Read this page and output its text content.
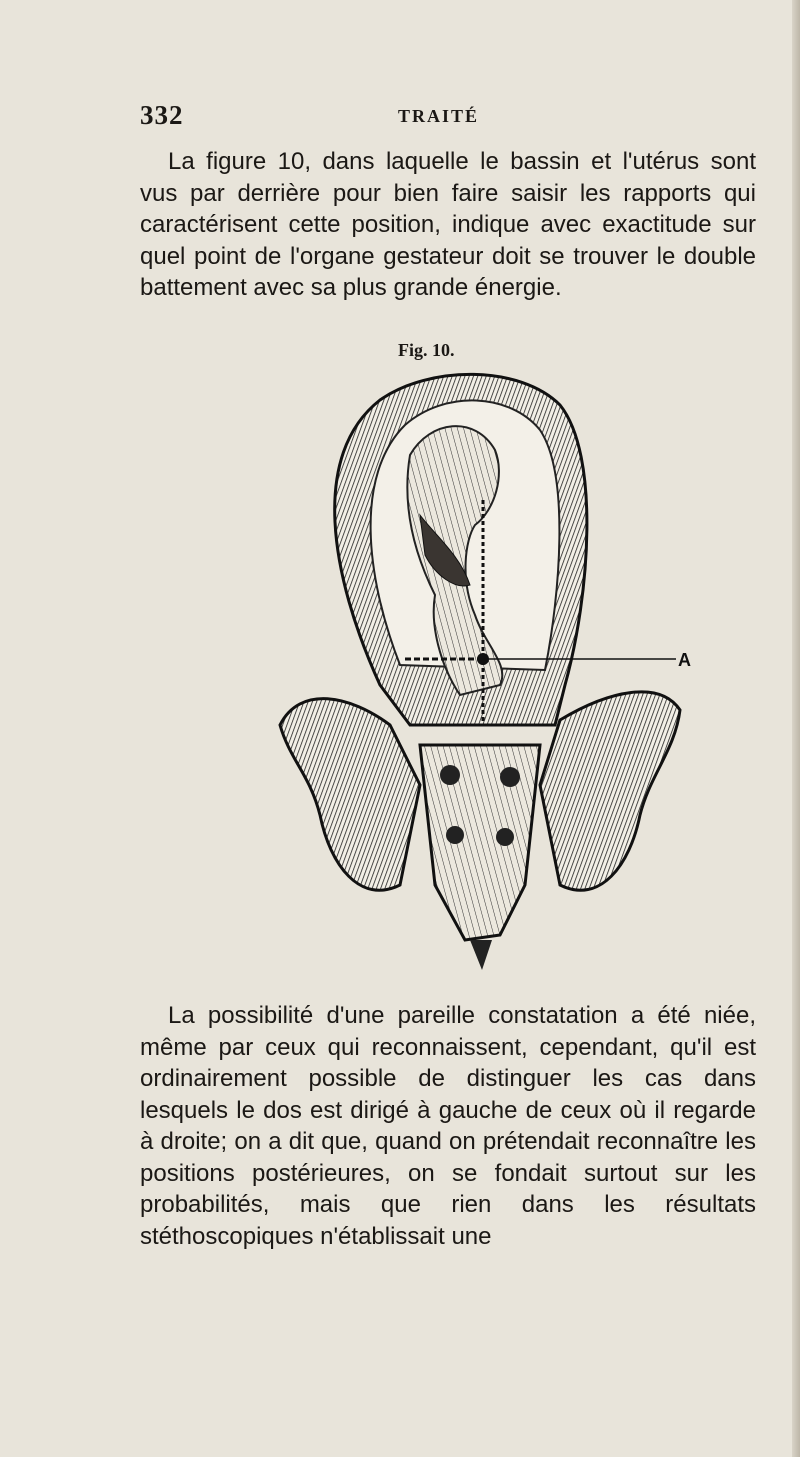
332	TRAITÉ

La figure 10, dans laquelle le bassin et l'utérus sont vus par derrière pour bien faire saisir les rapports qui caractérisent cette position, indique avec exactitude sur quel point de l'organe gestateur doit se trouver le double battement avec sa plus grande énergie.

Fig. 10.
A

La possibilité d'une pareille constatation a été niée, même par ceux qui reconnaissent, cependant, qu'il est ordinairement possible de distinguer les cas dans lesquels le dos est dirigé à gauche de ceux où il regarde à droite; on a dit que, quand on prétendait reconnaître les positions postérieures, on se fondait surtout sur les probabilités, mais que rien dans les résultats stéthoscopiques n'établissait une
